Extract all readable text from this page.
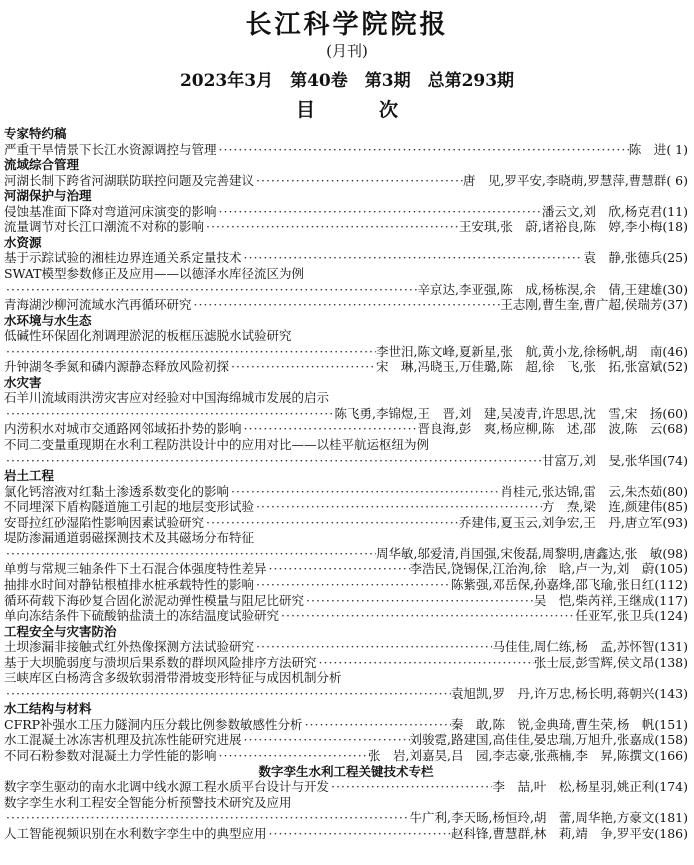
长江科学院院报
(月刊)
2023年3月　第40卷　第3期　总第293期
目	次
专家特约稿
严重干旱情景下长江水资源调控与管理 ·····	陈　进 ( 1)
流域综合管理
河湖长制下跨省河湖联防联控问题及完善建议 ·····	唐　见,罗平安,李晓萌,罗慧萍,曹慧群 ( 6)
河湖保护与治理
侵蚀基准面下降对弯道河床演变的影响 ·····	潘云文,刘　欣,杨克君 (11)
流量调节对长江口潮流不对称的影响 ·····	王安琪,张　蔚,诸裕良,陈　婷,李小梅 (18)
水资源
基于示踪试验的湘桂边界连通关系定量技术 ·····	袁　静,张德兵 (25)
SWAT模型参数修正及应用——以德泽水库径流区为例
·····
辛京达,李亚强,陈　成,杨栋淏,余　倩,王建雄 (30)
青海湖沙柳河流域水汽再循环研究 ·····	王志刚,曹生奎,曹广超,侯瑞芳 (37)
水环境与水生态
低碱性环保固化剂调理淤泥的板框压滤脱水试验研究
·····
李世汨,陈文峰,夏新星,张　航,黄小龙,徐杨帆,胡　南 (46)
升钟湖冬季氮和磷内源静态释放风险初探 ·····	宋　琳,冯晓玉,万佳璐,陈　超,徐　飞,张　拓,张富斌 (52)
水灾害
石羊川流域雨洪涝灾害应对经验对中国海绵城市发展的启示
·····
陈飞勇,李锦煜,王　晋,刘　建,吴凌青,许思思,沈　雪,宋　扬 (60)
内涝积水对城市交通路网邻域拓扑势的影响 ·····	晋良海,彭　爽,杨应柳,陈　述,邵　波,陈　云 (68)
不同二变量重现期在水利工程防洪设计中的应用对比——以桂平航运枢纽为例
·····
甘富万,刘　旻,张华国 (74)
岩土工程
氯化钙溶液对红黏土渗透系数变化的影响 ·····	肖桂元,张达锦,雷　云,朱杰茹 (80)
不同埋深下盾构隧道施工引起的地层变形试验 ·····	方　焘,梁　连,颜建伟 (85)
安哥拉红砂湿陷性影响因素试验研究 ·····	乔建伟,夏玉云,刘争宏,王　丹,唐立军 (93)
堤防渗漏通道弱磁探测技术及其磁场分布特征
·····
周华敏,邬爱清,肖国强,宋俊磊,周黎明,唐鑫达,张　敏 (98)
单剪与常规三轴条件下土石混合体强度特性差异 ·····	李浩民,饶锡保,江治洵,徐　晗,卢一为,刘　蔚 (105)
抽排水时间对静钻根植排水桩承载特性的影响 ·····	陈紫强,邓岳保,孙嘉烽,邵飞瑜,张日红 (112)
循环荷载下海砂复合固化淤泥动弹性模量与阻尼比研究 ·····	吴　恺,柴芮祥,王继成 (117)
单向冻结条件下硫酸钠盐渍土的冻结温度试验研究 ·····	任亚军,张卫兵 (124)
工程安全与灾害防治
土坝渗漏非接触式红外热像探测方法试验研究 ·····	马佳佳,周仁练,杨　孟,苏怀智 (131)
基于大坝脆弱度与溃坝后果系数的群坝风险排序方法研究 ·····	张士辰,彭雪辉,侯文昂 (138)
三峡库区白杨湾含多级软弱滑带滑坡变形特征与成因机制分析
·····
袁旭凯,罗　丹,许万忠,杨长明,蒋朝兴 (143)
水工结构与材料
CFRP补强水工压力隧洞内压分载比例参数敏感性分析 ·····	秦　敢,陈　锐,金典琦,曹生荣,杨　帆 (151)
水工混凝土冰冻害机理及抗冻性能研究进展 ·····	刘骏霓,路建国,高佳佳,晏忠瑞,万旭升,张嘉成 (158)
不同石粉参数对混凝土力学性能的影响 ·····	张　岩,刘嘉昊,吕　园,李志豪,张燕楠,李　昇,陈撰文 (166)
数字孪生水利工程关键技术专栏
数字孪生驱动的南水北调中线水源工程水质平台设计与开发 ·····	李　喆,叶　松,杨星羽,姚正利 (174)
数字孪生水利工程安全智能分析预警技术研究及应用
·····
牛广利,李天旸,杨恒玲,胡　蕾,周华艳,方豪文 (181)
人工智能视频识别在水利数字孪生中的典型应用 ·····	赵科锋,曹慧群,林　莉,靖　争,罗平安 (186)
